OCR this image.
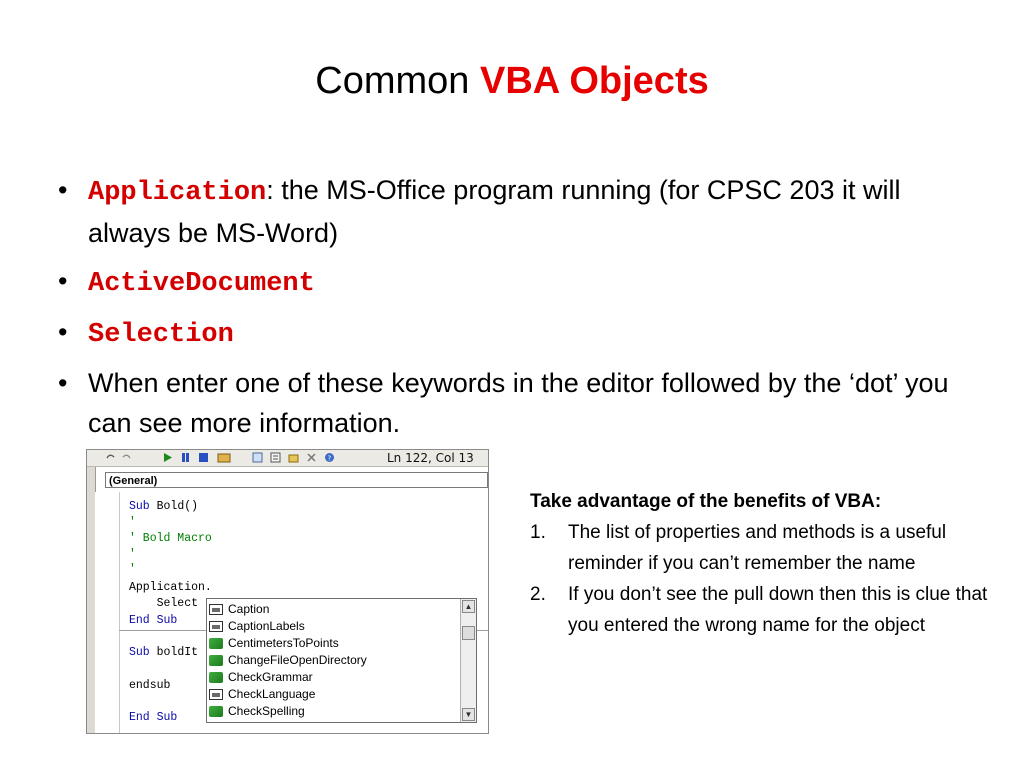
Common VBA Objects
• Application: the MS-Office program running (for CPSC 203 it will always be MS-Word)
• ActiveDocument
• Selection
• When enter one of these keywords in the editor followed by the ‘dot’ you can see more information.
?	Ln 122, Col 13
(General)
Sub Bold()
'
' Bold Macro
'
'
Application.
Select
End Sub
Sub boldIt
endsub
End Sub
Caption
CaptionLabels
CentimetersToPoints
ChangeFileOpenDirectory
CheckGrammar
CheckLanguage
CheckSpelling
▲
▼
Take advantage of the benefits of VBA:
1. The list of properties and methods is a useful reminder if you can’t remember the name
2. If you don’t see the pull down then this is clue that you entered the wrong name for the object
